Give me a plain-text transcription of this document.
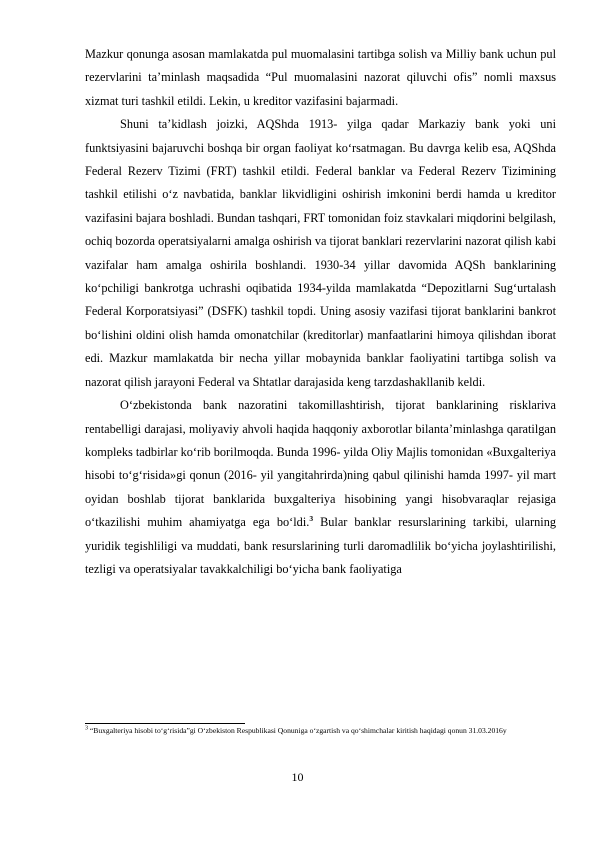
Mazkur qonunga asosan mamlakatda pul muomalasini tartibga solish va Milliy bank uchun pul rezervlarini ta’minlash maqsadida “Pul muomalasini nazorat qiluvchi ofis” nomli maxsus xizmat turi tashkil etildi. Lekin, u kreditor vazifasini bajarmadi.

Shuni ta’kidlash joizki, AQShda 1913- yilga qadar Markaziy bank yoki uni funktsiyasini bajaruvchi boshqa bir organ faoliyat ko‘rsatmagan. Bu davrga kelib esa, AQShda Federal Rezerv Tizimi (FRT) tashkil etildi. Federal banklar va Federal Rezerv Tizimining tashkil etilishi o‘z navbatida, banklar likvidligini oshirish imkonini berdi hamda u kreditor vazifasini bajara boshladi. Bundan tashqari, FRT tomonidan foiz stavkalari miqdorini belgilash, ochiq bozorda operatsiyalarni amalga oshirish va tijorat banklari rezervlarini nazorat qilish kabi vazifalar ham amalga oshirila boshlandi. 1930-34 yillar davomida AQSh banklarining ko‘pchiligi bankrotga uchrashi oqibatida 1934-yilda mamlakatda “Depozitlarni Sug‘urtalash Federal Korporatsiyasi” (DSFK) tashkil topdi. Uning asosiy vazifasi tijorat banklarini bankrot bo‘lishini oldini olish hamda omonatchilar (kreditorlar) manfaatlarini himoya qilishdan iborat edi. Mazkur mamlakatda bir necha yillar mobaynida banklar faoliyatini tartibga solish va nazorat qilish jarayoni Federal va Shtatlar darajasida keng tarzdashakllanib keldi.

O‘zbekistonda bank nazoratini takomillashtirish, tijorat banklarining risklariva rentabelligi darajasi, moliyaviy ahvoli haqida haqqoniy axborotlar bilanta’minlashga qaratilgan kompleks tadbirlar ko‘rib borilmoqda. Bunda 1996- yilda Oliy Majlis tomonidan «Buxgalteriya hisobi to‘g‘risida»gi qonun (2016- yil yangitahrirda)ning qabul qilinishi hamda 1997- yil mart oyidan boshlab tijorat banklarida buxgalteriya hisobining yangi hisobvaraqlar rejasiga o‘tkazilishi muhim ahamiyatga ega bo‘ldi.$^3$ Bular banklar resurslarining tarkibi, ularning yuridik tegishliligi va muddati, bank resurslarining turli daromadlilik bo‘yicha joylashtirilishi, tezligi va operatsiyalar tavakkalchiligi bo‘yicha bank faoliyatiga

$^3$ “Buxgalteriya hisobi to‘g‘risida”gi O‘zbekiston Respublikasi Qonuniga o‘zgartish va qo‘shimchalar kiritish haqidagi qonun 31.03.2016y
10
